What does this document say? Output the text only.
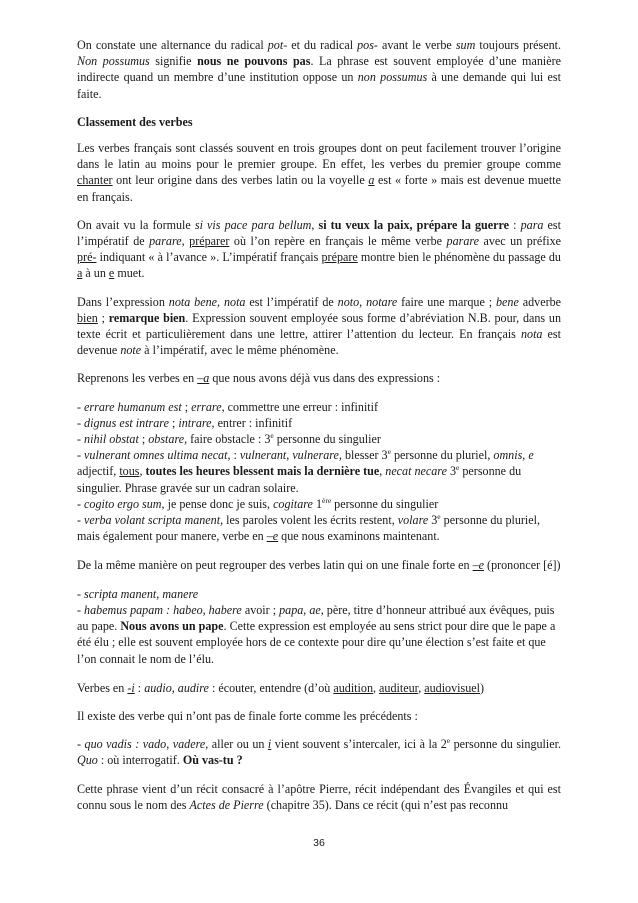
On constate une alternance du radical pot- et du radical pos- avant le verbe sum toujours présent. Non possumus signifie nous ne pouvons pas. La phrase est souvent employée d’une manière indirecte quand un membre d’une institution oppose un non possumus à une demande qui lui est faite.

Classement des verbes

Les verbes français sont classés souvent en trois groupes dont on peut facilement trouver l’origine dans le latin au moins pour le premier groupe. En effet, les verbes du premier groupe comme chanter ont leur origine dans des verbes latin ou la voyelle a est « forte » mais est devenue muette en français.

On avait vu la formule si vis pace para bellum, si tu veux la paix, prépare la guerre : para est l’impératif de parare, préparer où l’on repère en français le même verbe parare avec un préfixe pré- indiquant « à l’avance ». L’impératif français prépare montre bien le phénomène du passage du a à un e muet.

Dans l’expression nota bene, nota est l’impératif de noto, notare faire une marque ; bene adverbe bien ; remarque bien. Expression souvent employée sous forme d’abréviation N.B. pour, dans un texte écrit et particulièrement dans une lettre, attirer l’attention du lecteur. En français nota est devenue note à l’impératif, avec le même phénomène.

Reprenons les verbes en –a que nous avons déjà vus dans des expressions :

- errare humanum est ; errare, commettre une erreur : infinitif
- dignus est intrare ; intrare, entrer : infinitif
- nihil obstat ; obstare, faire obstacle : 3e personne du singulier
- vulnerant omnes ultima necat, : vulnerant, vulnerare, blesser 3e personne du pluriel, omnis, e adjectif, tous, toutes les heures blessent mais la dernière tue, necat necare 3e personne du singulier. Phrase gravée sur un cadran solaire.
- cogito ergo sum, je pense donc je suis, cogitare 1ère personne du singulier
- verba volant scripta manent, les paroles volent les écrits restent, volare 3e personne du pluriel, mais également pour manere, verbe en –e que nous examinons maintenant.

De la même manière on peut regrouper des verbes latin qui on une finale forte en –e (prononcer [é])

- scripta manent, manere
- habemus papam : habeo, habere avoir ; papa, ae, père, titre d’honneur attribué aux évêques, puis au pape. Nous avons un pape. Cette expression est employée au sens strict pour dire que le pape a été élu ; elle est souvent employée hors de ce contexte pour dire qu’une élection s’est faite et que l’on connait le nom de l’élu.

Verbes en -i : audio, audire : écouter, entendre (d’où audition, auditeur, audiovisuel)

Il existe des verbe qui n’ont pas de finale forte comme les précédents :

- quo vadis : vado, vadere, aller ou un i vient souvent s’intercaler, ici à la 2e personne du singulier. Quo : où interrogatif. Où vas-tu ?

Cette phrase vient d’un récit consacré à l’apôtre Pierre, récit indépendant des Évangiles et qui est connu sous le nom des Actes de Pierre (chapitre 35). Dans ce récit (qui n’est pas reconnu

36
